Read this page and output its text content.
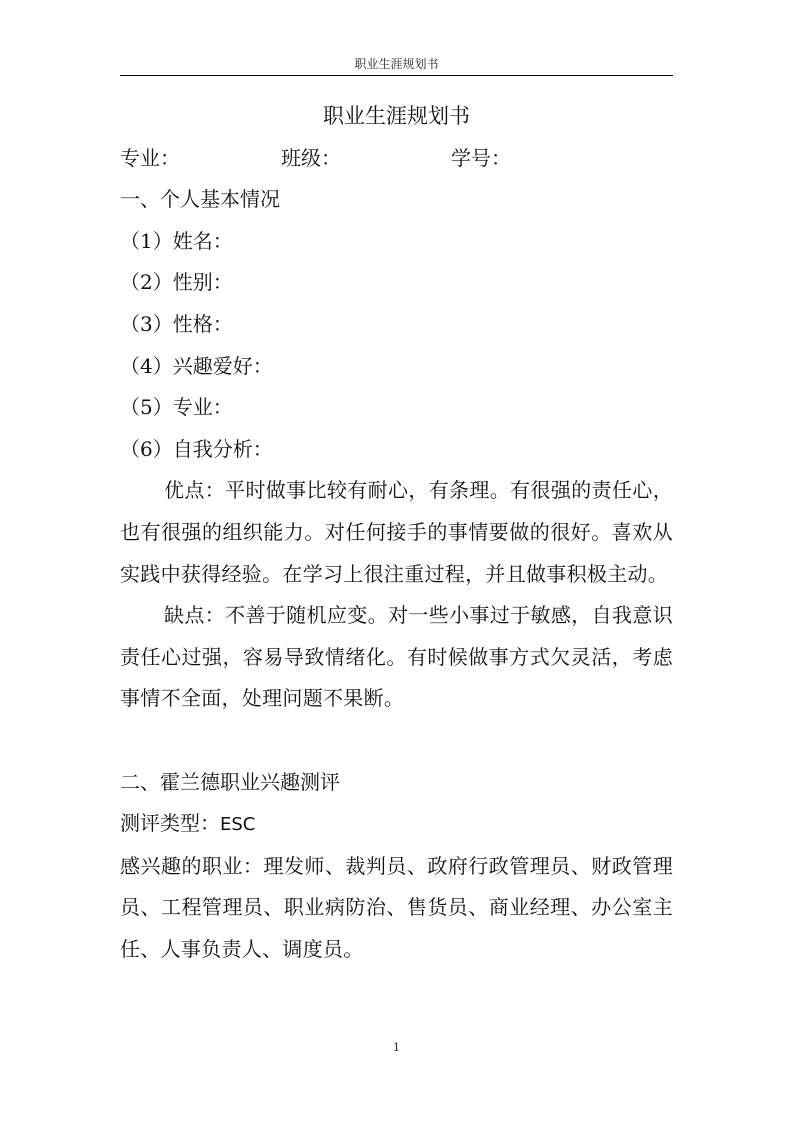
职业生涯规划书
职业生涯规划书
专业：	班级：	学号：

一、个人基本情况

（1）姓名：

（2）性别：

（3）性格：

（4）兴趣爱好：

（5）专业：

（6）自我分析：

优点：平时做事比较有耐心，有条理。有很强的责任心，也有很强的组织能力。对任何接手的事情要做的很好。喜欢从实践中获得经验。在学习上很注重过程，并且做事积极主动。

缺点：不善于随机应变。对一些小事过于敏感，自我意识责任心过强，容易导致情绪化。有时候做事方式欠灵活，考虑事情不全面，处理问题不果断。

二、霍兰德职业兴趣测评

测评类型：ESC

感兴趣的职业：理发师、裁判员、政府行政管理员、财政管理员、工程管理员、职业病防治、售货员、商业经理、办公室主任、人事负责人、调度员。

1
